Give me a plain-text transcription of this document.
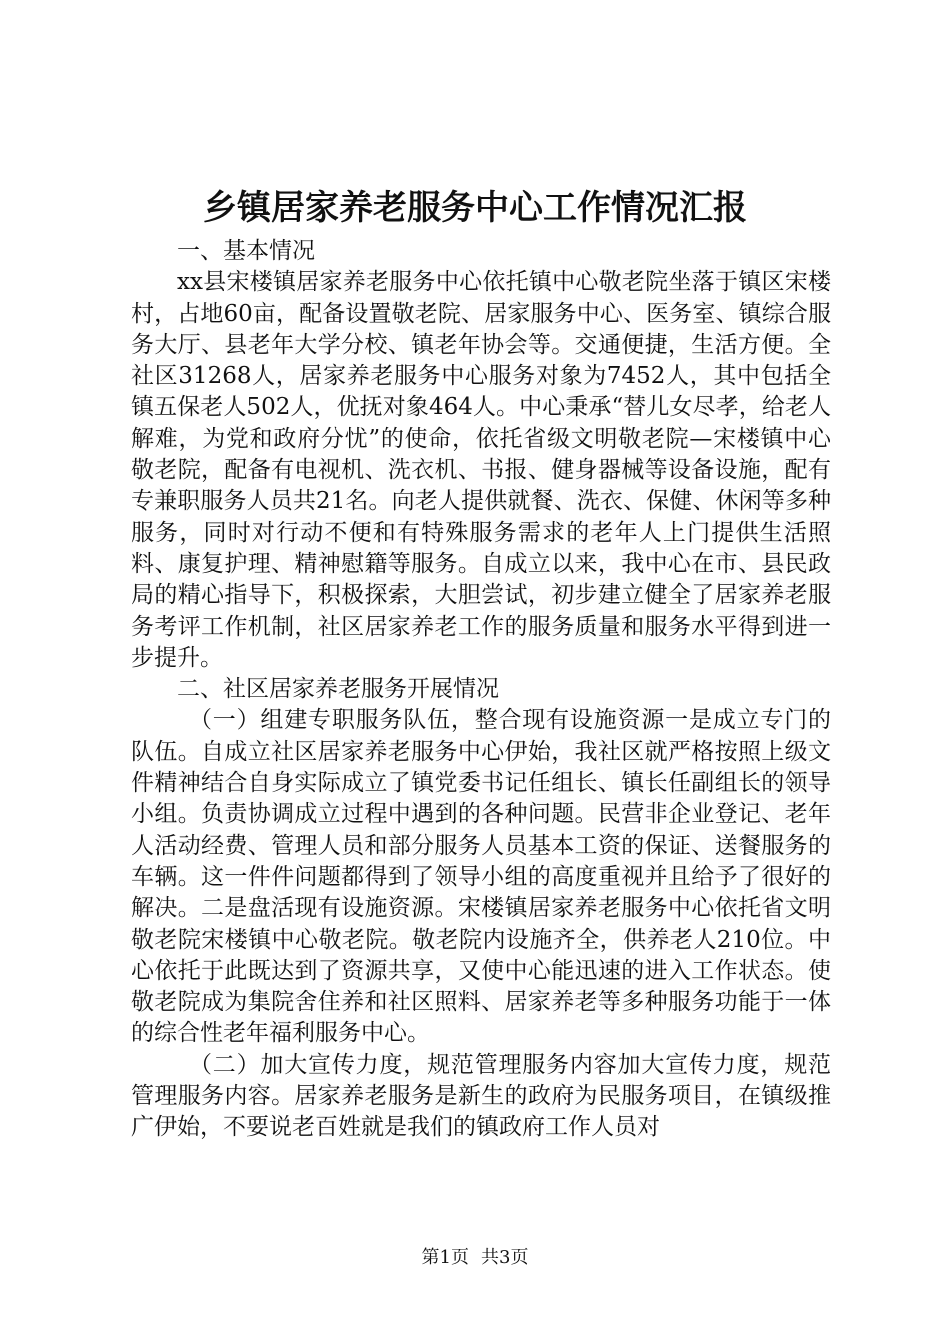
乡镇居家养老服务中心工作情况汇报

一、基本情况

xx县宋楼镇居家养老服务中心依托镇中心敬老院坐落于镇区宋楼村，占地60亩，配备设置敬老院、居家服务中心、医务室、镇综合服务大厅、县老年大学分校、镇老年协会等。交通便捷，生活方便。全社区31268人，居家养老服务中心服务对象为7452人，其中包括全镇五保老人502人，优抚对象464人。中心秉承“替儿女尽孝，给老人解难，为党和政府分忧”的使命，依托省级文明敬老院—宋楼镇中心敬老院，配备有电视机、洗衣机、书报、健身器械等设备设施，配有专兼职服务人员共21名。向老人提供就餐、洗衣、保健、休闲等多种服务，同时对行动不便和有特殊服务需求的老年人上门提供生活照料、康复护理、精神慰籍等服务。自成立以来，我中心在市、县民政局的精心指导下，积极探索，大胆尝试，初步建立健全了居家养老服务考评工作机制，社区居家养老工作的服务质量和服务水平得到进一步提升。

二、社区居家养老服务开展情况

（一）组建专职服务队伍，整合现有设施资源一是成立专门的队伍。自成立社区居家养老服务中心伊始，我社区就严格按照上级文件精神结合自身实际成立了镇党委书记任组长、镇长任副组长的领导小组。负责协调成立过程中遇到的各种问题。民营非企业登记、老年人活动经费、管理人员和部分服务人员基本工资的保证、送餐服务的车辆。这一件件问题都得到了领导小组的高度重视并且给予了很好的解决。二是盘活现有设施资源。宋楼镇居家养老服务中心依托省文明敬老院宋楼镇中心敬老院。敬老院内设施齐全，供养老人210位。中心依托于此既达到了资源共享，又使中心能迅速的进入工作状态。使敬老院成为集院舍住养和社区照料、居家养老等多种服务功能于一体的综合性老年福利服务中心。

（二）加大宣传力度，规范管理服务内容加大宣传力度，规范管理服务内容。居家养老服务是新生的政府为民服务项目，在镇级推广伊始，不要说老百姓就是我们的镇政府工作人员对

第1页 共3页
